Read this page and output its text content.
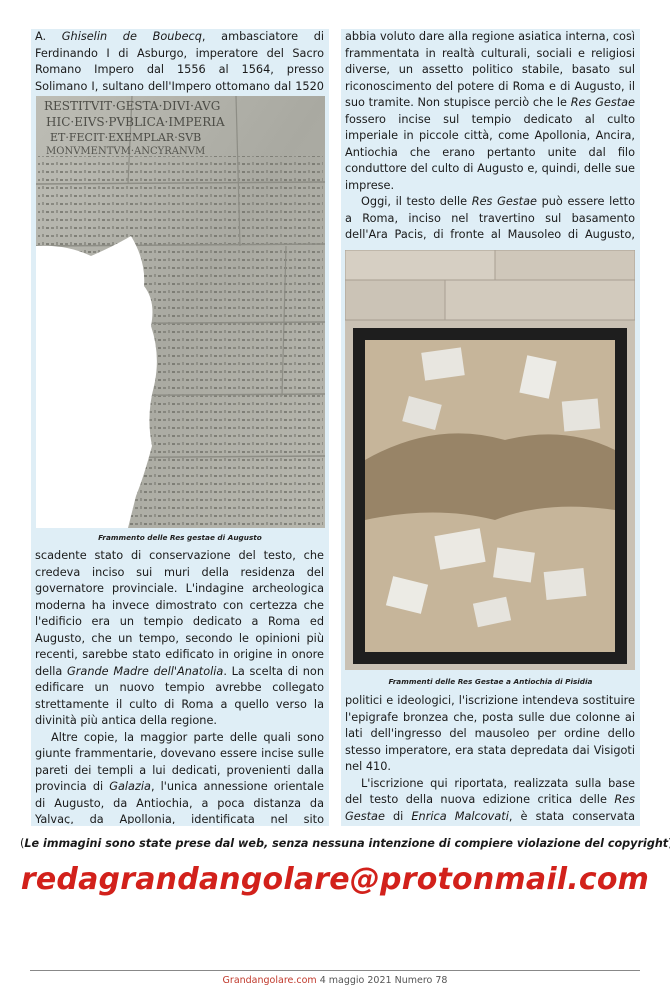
A. Ghiselin de Boubecq, ambasciatore di Ferdinando I di Asburgo, imperatore del Sacro Romano Impero dal 1556 al 1564, presso Solimano I, sultano dell'Impero ottomano dal 1520

RESTITVIT·GESTA·DIVI·AVG
HIC·EIVS·PVBLICA·IMPERIA
ET·FECIT·EXEMPLAR·SVB
MONVMENTVM·ANCYRANVM
Frammento delle Res gestae di Augusto

scadente stato di conservazione del testo, che credeva inciso sui muri della residenza del governatore provinciale. L'indagine archeologica moderna ha invece dimostrato con certezza che l'edificio era un tempio dedicato a Roma ed Augusto, che un tempo, secondo le opinioni più recenti, sarebbe stato edificato in origine in onore della Grande Madre dell'Anatolia. La scelta di non edificare un nuovo tempio avrebbe collegato strettamente il culto di Roma a quello verso la divinità più antica della regione.

Altre copie, la maggior parte delle quali sono giunte frammentarie, dovevano essere incise sulle pareti dei templi a lui dedicati, provenienti dalla provincia di Galazia, l'unica annessione orientale di Augusto, da Antiochia, a poca distanza da Yalvaç, da Apollonia, identificata nel sito

abbia voluto dare alla regione asiatica interna, così frammentata in realtà culturali, sociali e religiosi diverse, un assetto politico stabile, basato sul riconoscimento del potere di Roma e di Augusto, il suo tramite. Non stupisce perciò che le Res Gestae fossero incise sul tempio dedicato al culto imperiale in piccole città, come Apollonia, Ancira, Antiochia che erano pertanto unite dal filo conduttore del culto di Augusto e, quindi, delle sue imprese.

Oggi, il testo delle Res Gestae può essere letto a Roma, inciso nel travertino sul basamento dell'Ara Pacis, di fronte al Mausoleo di Augusto,

Frammenti delle Res Gestae a Antiochia di Pisidia

politici e ideologici, l'iscrizione intendeva sostituire l'epigrafe bronzea che, posta sulle due colonne ai lati dell'ingresso del mausoleo per ordine dello stesso imperatore, era stata depredata dai Visigoti nel 410.

L'iscrizione qui riportata, realizzata sulla base del testo della nuova edizione critica delle Res Gestae di Enrica Malcovati, è stata conservata

(Le immagini sono state prese dal web, senza nessuna intenzione di compiere violazione del copyright
redagrandangolare@protonmail.com
Grandangolare.com 4 maggio 2021 Numero 78
